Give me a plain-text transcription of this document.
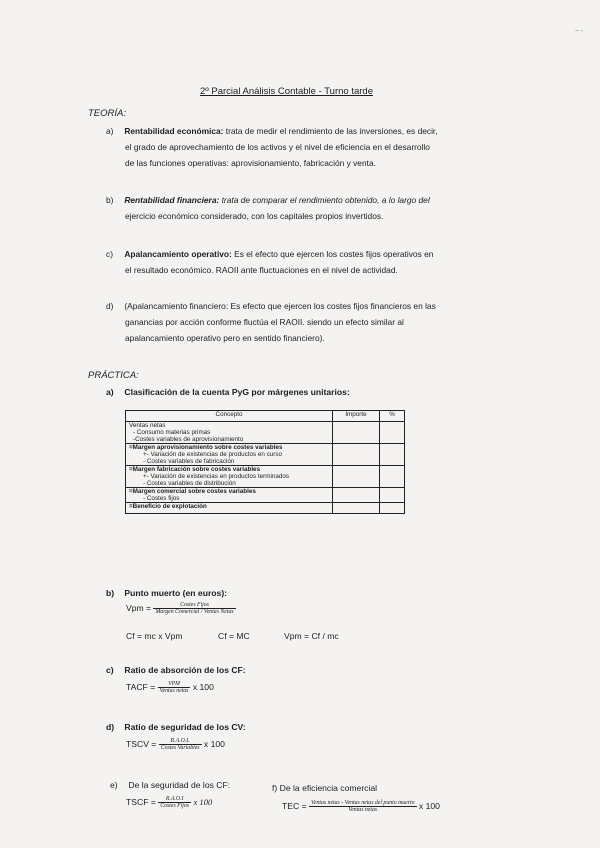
~ -
2º Parcial Análisis Contable - Turno tarde
TEORÍA:
a) Rentabilidad económica: trata de medir el rendimiento de las inversiones, es decir,
el grado de aprovechamiento de los activos y el nivel de eficiencia en el desarrollo
de las funciones operativas: aprovisionamiento, fabricación y venta.
b) Rentabilidad financiera: trata de comparar el rendimiento obtenido, a lo largo del
ejercicio económico considerado, con los capitales propios invertidos.
c) Apalancamiento operativo: Es el efecto que ejercen los costes fijos operativos en
el resultado económico. RAOII ante fluctuaciones en el nivel de actividad.
d) (Apalancamiento financiero: Es efecto que ejercen los costes fijos financieros en las
ganancias por acción conforme fluctúa el RAOII. siendo un efecto similar al
apalancamiento operativo pero en sentido financiero).
PRÁCTICA:
a) Clasificación de la cuenta PyG por márgenes unitarios:
Concepto	Importe	%

Ventas netas
- Consumo materias primas
-Costes variables de aprovisionamiento		

=Margen aprovisionamiento sobre costes variables
+- Variación de existencias de productos en curso
- Costes variables de fabricación		

=Margen fabricación sobre costes variables
+- Variación de existencias en productos terminados
- Costes variables de distribución		

=Margen comercial sobre costes variables
- Costes fijos		

=Beneficio de explotación		

b) Punto muerto (en euros):
Vpm = $\frac{\text{Costes Fijos}}{\text{Margen Comercial / Ventas Netas}}$
Cf = mc x Vpm	Cf = MC	Vpm = Cf / mc
c) Ratio de absorción de los CF:
TACF = $\frac{\text{VPM}}{\text{Ventas netas}}$ x 100
d) Ratio de seguridad de los CV:
TSCV = $\frac{R.A.O.I.}{\text{Costes Variables}}$ x 100
e) De la seguridad de los CF:
TSCF = $\frac{R.A.O.I}{\text{Costes Fijos}}$ x 100
f) De la eficiencia comercial
TEC = $\frac{\text{Ventas netas - Ventas netas del punto muerto}}{\text{Ventas netas}}$ x 100
